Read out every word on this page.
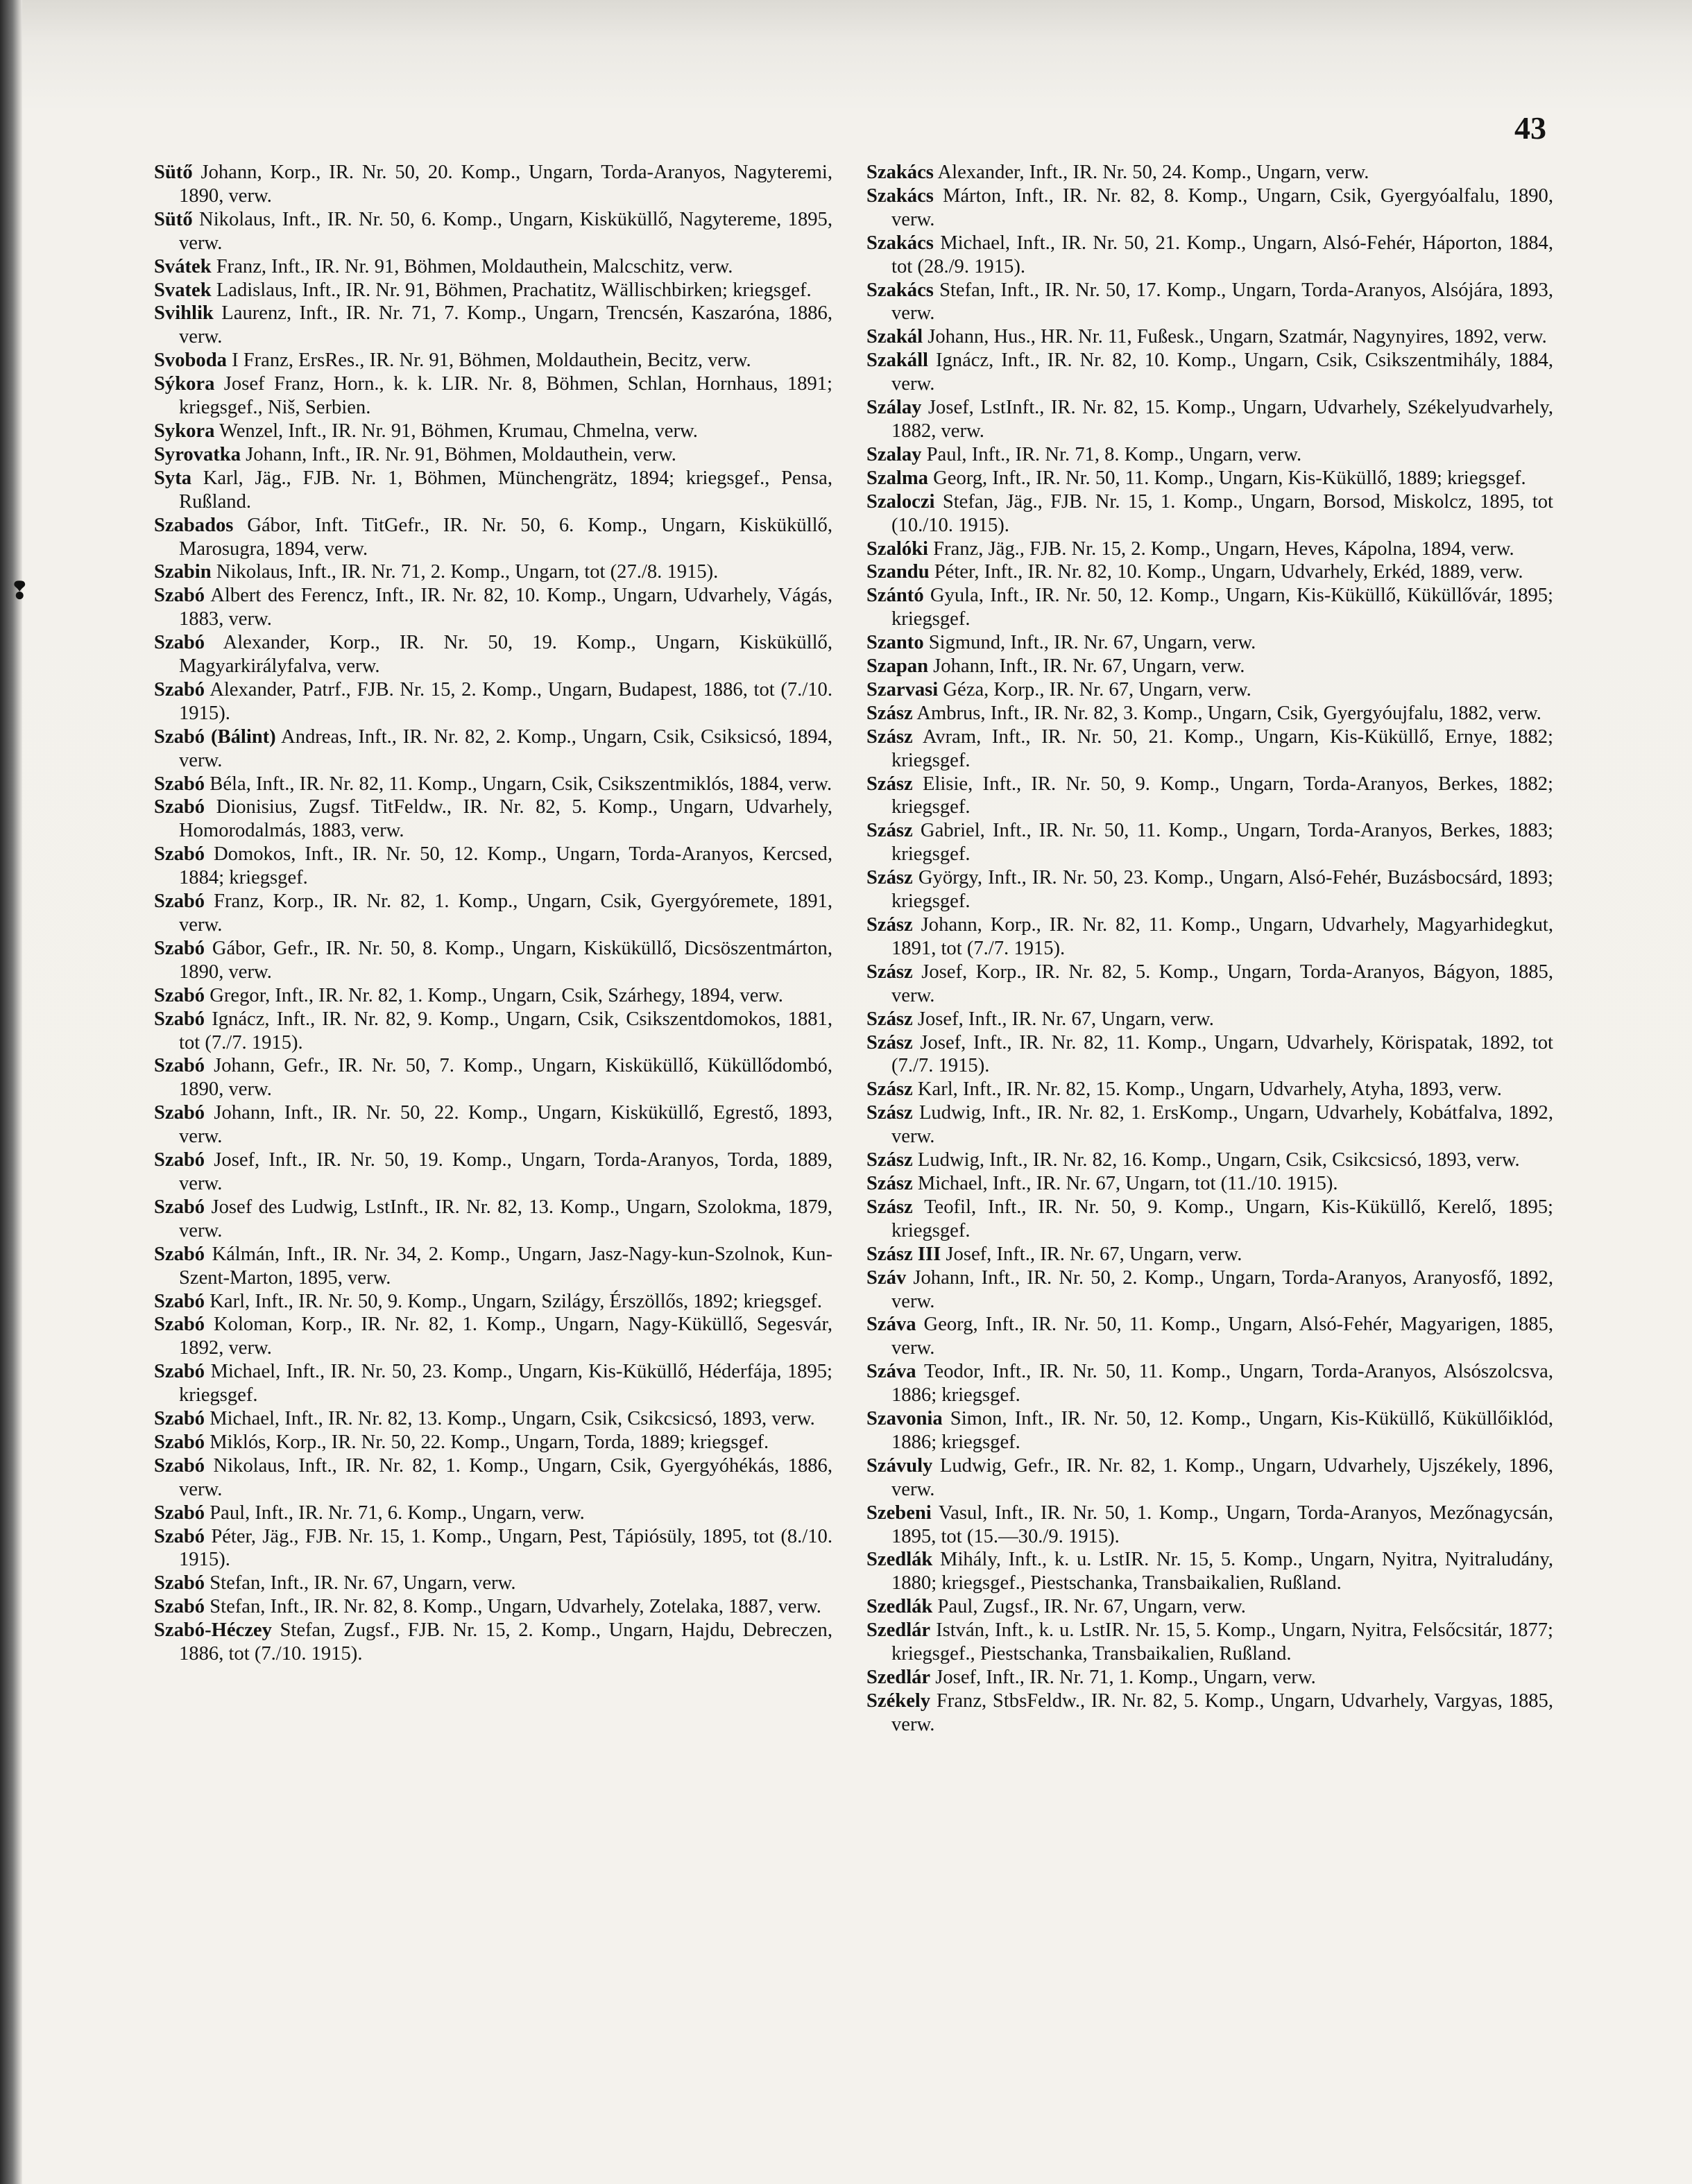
43
❢
Sütő Johann, Korp., IR. Nr. 50, 20. Komp., Ungarn, Torda-Aranyos, Nagyteremi, 1890, verw.
Sütő Nikolaus, Inft., IR. Nr. 50, 6. Komp., Ungarn, Kisküküllő, Nagytereme, 1895, verw.
Svátek Franz, Inft., IR. Nr. 91, Böhmen, Moldauthein, Malcschitz, verw.
Svatek Ladislaus, Inft., IR. Nr. 91, Böhmen, Prachatitz, Wällischbirken; kriegsgef.
Svihlik Laurenz, Inft., IR. Nr. 71, 7. Komp., Ungarn, Trencsén, Kaszaróna, 1886, verw.
Svoboda I Franz, ErsRes., IR. Nr. 91, Böhmen, Moldauthein, Becitz, verw.
Sýkora Josef Franz, Horn., k. k. LIR. Nr. 8, Böhmen, Schlan, Hornhaus, 1891; kriegsgef., Niš, Serbien.
Sykora Wenzel, Inft., IR. Nr. 91, Böhmen, Krumau, Chmelna, verw.
Syrovatka Johann, Inft., IR. Nr. 91, Böhmen, Moldauthein, verw.
Syta Karl, Jäg., FJB. Nr. 1, Böhmen, Münchengrätz, 1894; kriegsgef., Pensa, Rußland.
Szabados Gábor, Inft. TitGefr., IR. Nr. 50, 6. Komp., Ungarn, Kisküküllő, Marosugra, 1894, verw.
Szabin Nikolaus, Inft., IR. Nr. 71, 2. Komp., Ungarn, tot (27./8. 1915).
Szabó Albert des Ferencz, Inft., IR. Nr. 82, 10. Komp., Ungarn, Udvarhely, Vágás, 1883, verw.
Szabó Alexander, Korp., IR. Nr. 50, 19. Komp., Ungarn, Kisküküllő, Magyarkirályfalva, verw.
Szabó Alexander, Patrf., FJB. Nr. 15, 2. Komp., Ungarn, Budapest, 1886, tot (7./10. 1915).
Szabó (Bálint) Andreas, Inft., IR. Nr. 82, 2. Komp., Ungarn, Csik, Csiksicsó, 1894, verw.
Szabó Béla, Inft., IR. Nr. 82, 11. Komp., Ungarn, Csik, Csikszentmiklós, 1884, verw.
Szabó Dionisius, Zugsf. TitFeldw., IR. Nr. 82, 5. Komp., Ungarn, Udvarhely, Homorodalmás, 1883, verw.
Szabó Domokos, Inft., IR. Nr. 50, 12. Komp., Ungarn, Torda-Aranyos, Kercsed, 1884; kriegsgef.
Szabó Franz, Korp., IR. Nr. 82, 1. Komp., Ungarn, Csik, Gyergyóremete, 1891, verw.
Szabó Gábor, Gefr., IR. Nr. 50, 8. Komp., Ungarn, Kisküküllő, Dicsöszentmárton, 1890, verw.
Szabó Gregor, Inft., IR. Nr. 82, 1. Komp., Ungarn, Csik, Szárhegy, 1894, verw.
Szabó Ignácz, Inft., IR. Nr. 82, 9. Komp., Ungarn, Csik, Csikszentdomokos, 1881, tot (7./7. 1915).
Szabó Johann, Gefr., IR. Nr. 50, 7. Komp., Ungarn, Kisküküllő, Küküllődombó, 1890, verw.
Szabó Johann, Inft., IR. Nr. 50, 22. Komp., Ungarn, Kisküküllő, Egrestő, 1893, verw.
Szabó Josef, Inft., IR. Nr. 50, 19. Komp., Ungarn, Torda-Aranyos, Torda, 1889, verw.
Szabó Josef des Ludwig, LstInft., IR. Nr. 82, 13. Komp., Ungarn, Szolokma, 1879, verw.
Szabó Kálmán, Inft., IR. Nr. 34, 2. Komp., Ungarn, Jasz-Nagy-kun-Szolnok, Kun-Szent-Marton, 1895, verw.
Szabó Karl, Inft., IR. Nr. 50, 9. Komp., Ungarn, Szilágy, Érszöllős, 1892; kriegsgef.
Szabó Koloman, Korp., IR. Nr. 82, 1. Komp., Ungarn, Nagy-Küküllő, Segesvár, 1892, verw.
Szabó Michael, Inft., IR. Nr. 50, 23. Komp., Ungarn, Kis-Küküllő, Héderfája, 1895; kriegsgef.
Szabó Michael, Inft., IR. Nr. 82, 13. Komp., Ungarn, Csik, Csikcsicsó, 1893, verw.
Szabó Miklós, Korp., IR. Nr. 50, 22. Komp., Ungarn, Torda, 1889; kriegsgef.
Szabó Nikolaus, Inft., IR. Nr. 82, 1. Komp., Ungarn, Csik, Gyergyóhékás, 1886, verw.
Szabó Paul, Inft., IR. Nr. 71, 6. Komp., Ungarn, verw.
Szabó Péter, Jäg., FJB. Nr. 15, 1. Komp., Ungarn, Pest, Tápiósüly, 1895, tot (8./10. 1915).
Szabó Stefan, Inft., IR. Nr. 67, Ungarn, verw.
Szabó Stefan, Inft., IR. Nr. 82, 8. Komp., Ungarn, Udvarhely, Zotelaka, 1887, verw.
Szabó-Héczey Stefan, Zugsf., FJB. Nr. 15, 2. Komp., Ungarn, Hajdu, Debreczen, 1886, tot (7./10. 1915).
Szakács Alexander, Inft., IR. Nr. 50, 24. Komp., Ungarn, verw.
Szakács Márton, Inft., IR. Nr. 82, 8. Komp., Ungarn, Csik, Gyergyóalfalu, 1890, verw.
Szakács Michael, Inft., IR. Nr. 50, 21. Komp., Ungarn, Alsó-Fehér, Háporton, 1884, tot (28./9. 1915).
Szakács Stefan, Inft., IR. Nr. 50, 17. Komp., Ungarn, Torda-Aranyos, Alsójára, 1893, verw.
Szakál Johann, Hus., HR. Nr. 11, Fußesk., Ungarn, Szatmár, Nagynyires, 1892, verw.
Szakáll Ignácz, Inft., IR. Nr. 82, 10. Komp., Ungarn, Csik, Csikszentmihály, 1884, verw.
Szálay Josef, LstInft., IR. Nr. 82, 15. Komp., Ungarn, Udvarhely, Székelyudvarhely, 1882, verw.
Szalay Paul, Inft., IR. Nr. 71, 8. Komp., Ungarn, verw.
Szalma Georg, Inft., IR. Nr. 50, 11. Komp., Ungarn, Kis-Küküllő, 1889; kriegsgef.
Szaloczi Stefan, Jäg., FJB. Nr. 15, 1. Komp., Ungarn, Borsod, Miskolcz, 1895, tot (10./10. 1915).
Szalóki Franz, Jäg., FJB. Nr. 15, 2. Komp., Ungarn, Heves, Kápolna, 1894, verw.
Szandu Péter, Inft., IR. Nr. 82, 10. Komp., Ungarn, Udvarhely, Erkéd, 1889, verw.
Szántó Gyula, Inft., IR. Nr. 50, 12. Komp., Ungarn, Kis-Küküllő, Küküllővár, 1895; kriegsgef.
Szanto Sigmund, Inft., IR. Nr. 67, Ungarn, verw.
Szapan Johann, Inft., IR. Nr. 67, Ungarn, verw.
Szarvasi Géza, Korp., IR. Nr. 67, Ungarn, verw.
Szász Ambrus, Inft., IR. Nr. 82, 3. Komp., Ungarn, Csik, Gyergyóujfalu, 1882, verw.
Szász Avram, Inft., IR. Nr. 50, 21. Komp., Ungarn, Kis-Küküllő, Ernye, 1882; kriegsgef.
Szász Elisie, Inft., IR. Nr. 50, 9. Komp., Ungarn, Torda-Aranyos, Berkes, 1882; kriegsgef.
Szász Gabriel, Inft., IR. Nr. 50, 11. Komp., Ungarn, Torda-Aranyos, Berkes, 1883; kriegsgef.
Szász György, Inft., IR. Nr. 50, 23. Komp., Ungarn, Alsó-Fehér, Buzásbocsárd, 1893; kriegsgef.
Szász Johann, Korp., IR. Nr. 82, 11. Komp., Ungarn, Udvarhely, Magyarhidegkut, 1891, tot (7./7. 1915).
Szász Josef, Korp., IR. Nr. 82, 5. Komp., Ungarn, Torda-Aranyos, Bágyon, 1885, verw.
Szász Josef, Inft., IR. Nr. 67, Ungarn, verw.
Szász Josef, Inft., IR. Nr. 82, 11. Komp., Ungarn, Udvarhely, Körispatak, 1892, tot (7./7. 1915).
Szász Karl, Inft., IR. Nr. 82, 15. Komp., Ungarn, Udvarhely, Atyha, 1893, verw.
Szász Ludwig, Inft., IR. Nr. 82, 1. ErsKomp., Ungarn, Udvarhely, Kobátfalva, 1892, verw.
Szász Ludwig, Inft., IR. Nr. 82, 16. Komp., Ungarn, Csik, Csikcsicsó, 1893, verw.
Szász Michael, Inft., IR. Nr. 67, Ungarn, tot (11./10. 1915).
Szász Teofil, Inft., IR. Nr. 50, 9. Komp., Ungarn, Kis-Küküllő, Kerelő, 1895; kriegsgef.
Szász III Josef, Inft., IR. Nr. 67, Ungarn, verw.
Száv Johann, Inft., IR. Nr. 50, 2. Komp., Ungarn, Torda-Aranyos, Aranyosfő, 1892, verw.
Száva Georg, Inft., IR. Nr. 50, 11. Komp., Ungarn, Alsó-Fehér, Magyarigen, 1885, verw.
Száva Teodor, Inft., IR. Nr. 50, 11. Komp., Ungarn, Torda-Aranyos, Alsószolcsva, 1886; kriegsgef.
Szavonia Simon, Inft., IR. Nr. 50, 12. Komp., Ungarn, Kis-Küküllő, Küküllőiklód, 1886; kriegsgef.
Szávuly Ludwig, Gefr., IR. Nr. 82, 1. Komp., Ungarn, Udvarhely, Ujszékely, 1896, verw.
Szebeni Vasul, Inft., IR. Nr. 50, 1. Komp., Ungarn, Torda-Aranyos, Mezőnagycsán, 1895, tot (15.—30./9. 1915).
Szedlák Mihály, Inft., k. u. LstIR. Nr. 15, 5. Komp., Ungarn, Nyitra, Nyitraludány, 1880; kriegsgef., Piestschanka, Transbaikalien, Rußland.
Szedlák Paul, Zugsf., IR. Nr. 67, Ungarn, verw.
Szedlár István, Inft., k. u. LstIR. Nr. 15, 5. Komp., Ungarn, Nyitra, Felsőcsitár, 1877; kriegsgef., Piestschanka, Transbaikalien, Rußland.
Szedlár Josef, Inft., IR. Nr. 71, 1. Komp., Ungarn, verw.
Székely Franz, StbsFeldw., IR. Nr. 82, 5. Komp., Ungarn, Udvarhely, Vargyas, 1885, verw.
